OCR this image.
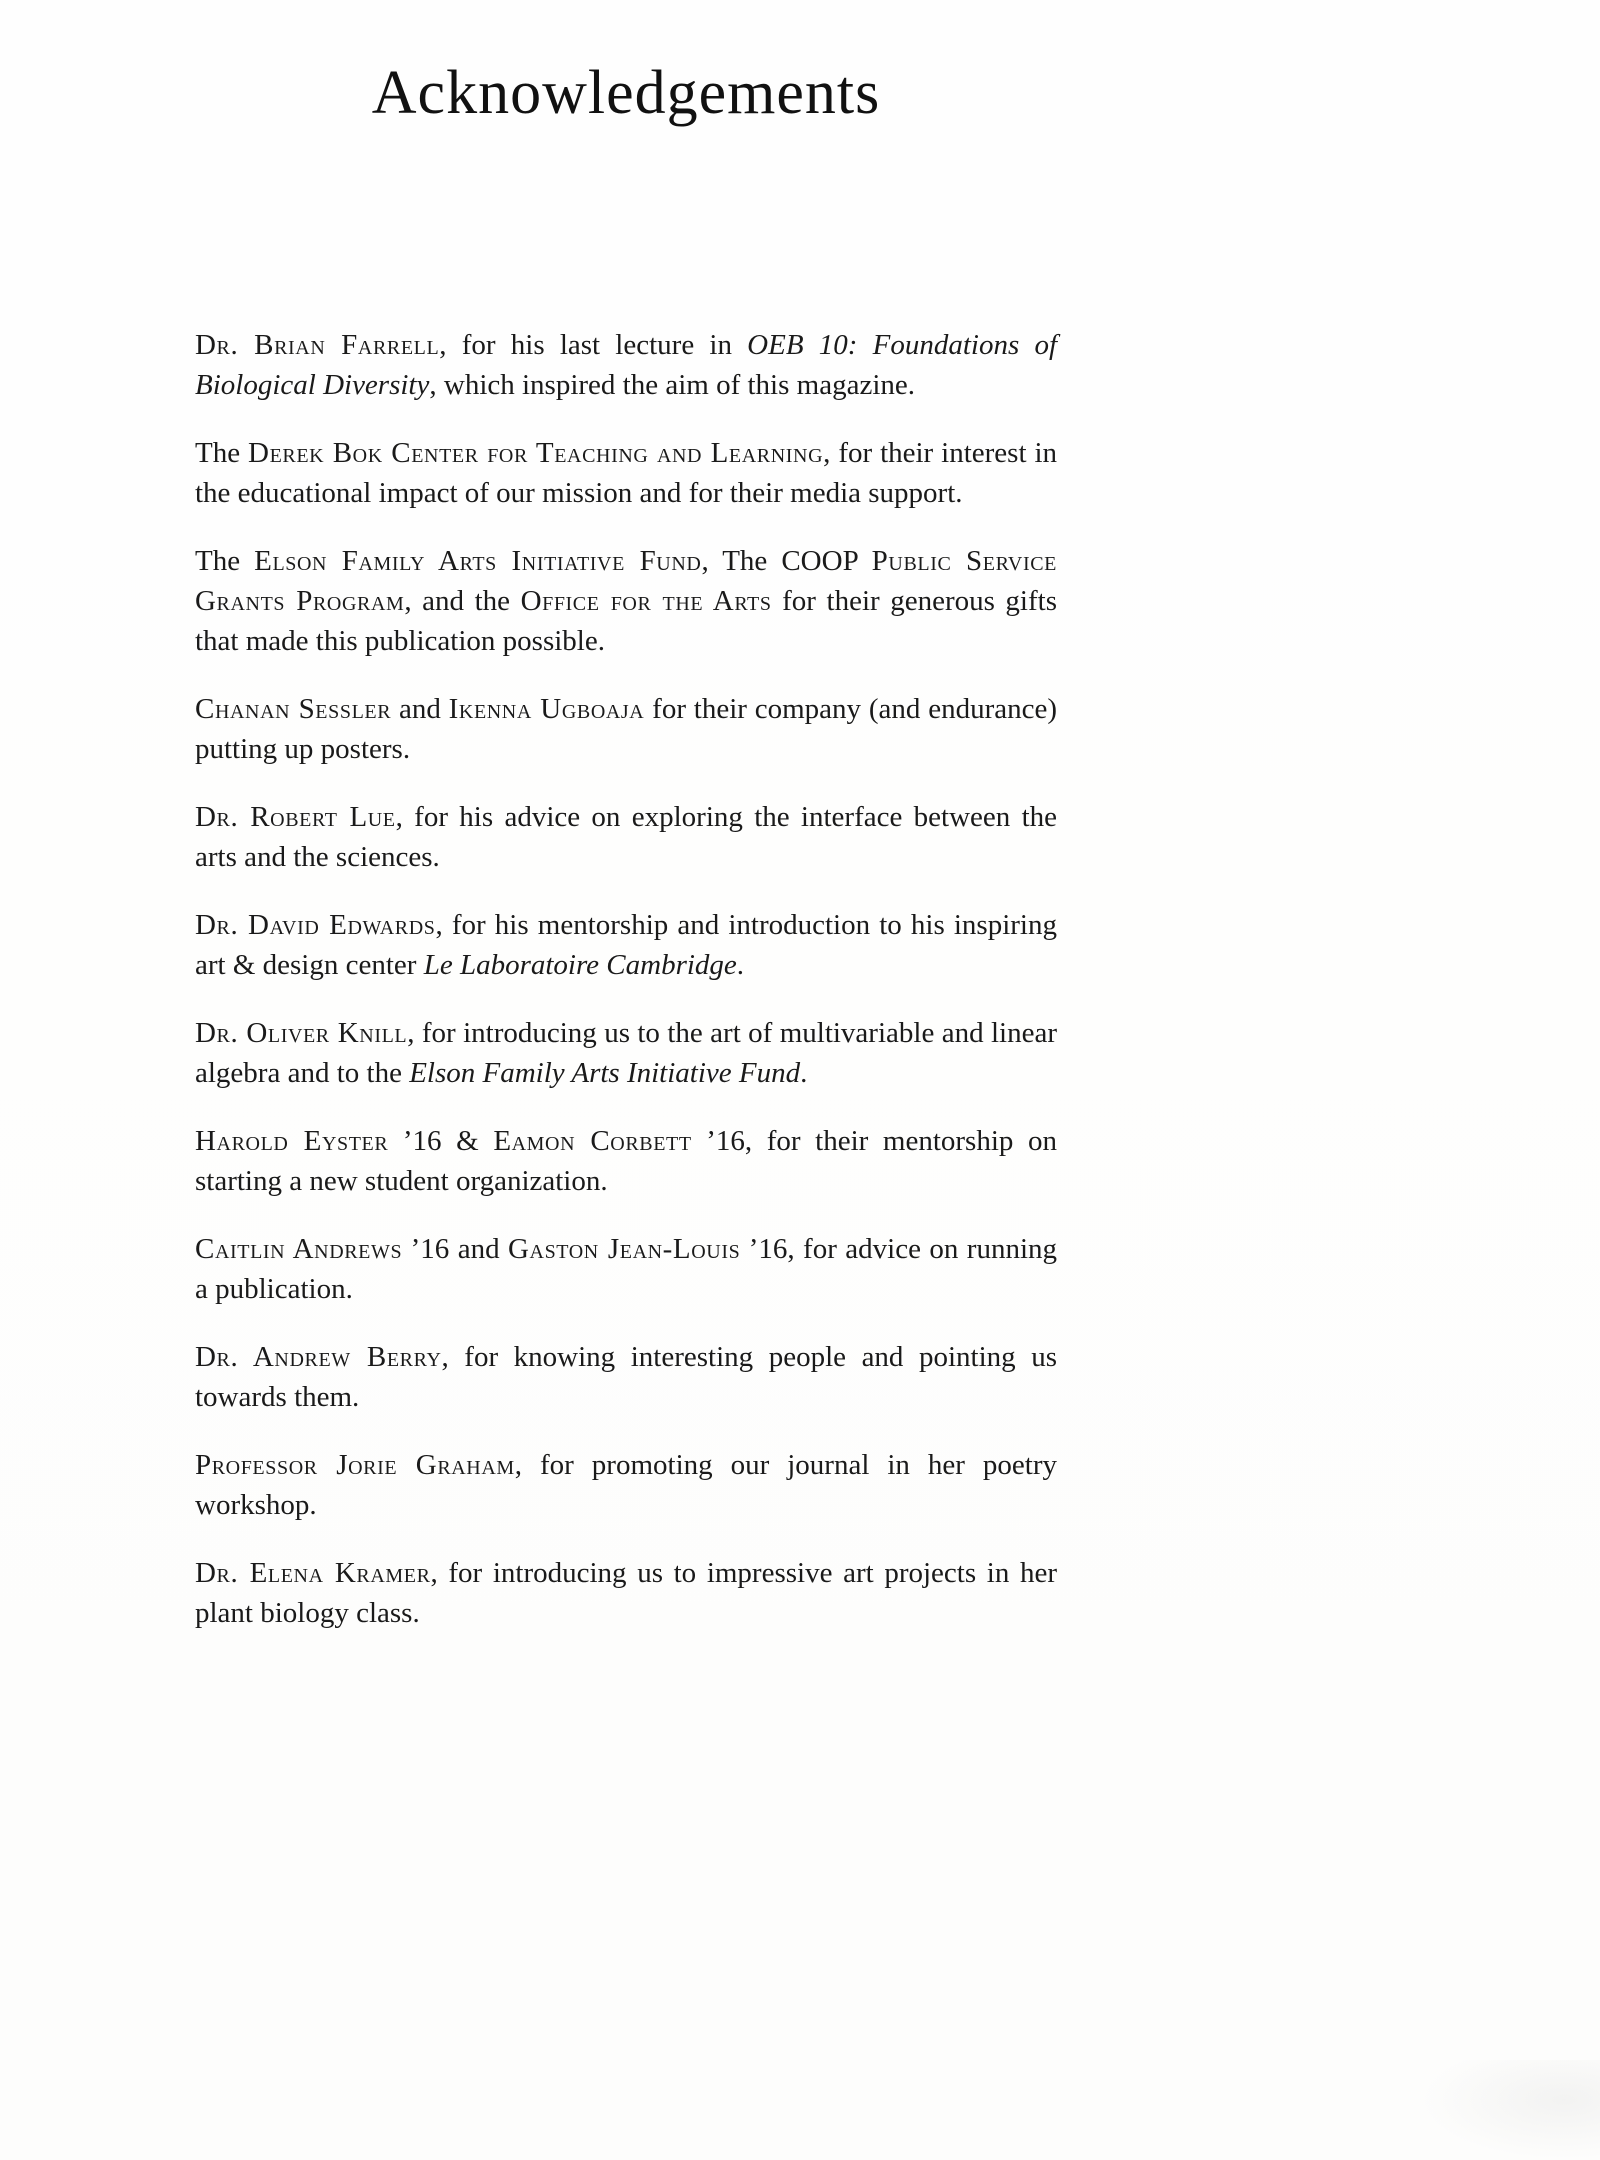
Acknowledgements

Dr. Brian Farrell, for his last lecture in OEB 10: Foundations of Biological Diversity, which inspired the aim of this magazine.

The Derek Bok Center for Teaching and Learning, for their interest in the educational impact of our mission and for their media support.

The Elson Family Arts Initiative Fund, The COOP Public Service Grants Program, and the Office for the Arts for their generous gifts that made this publication possible.

Chanan Sessler and Ikenna Ugboaja for their company (and endurance) putting up posters.

Dr. Robert Lue, for his advice on exploring the interface between the arts and the sciences.

Dr. David Edwards, for his mentorship and introduction to his inspiring art & design center Le Laboratoire Cambridge.

Dr. Oliver Knill, for introducing us to the art of multivariable and linear algebra and to the Elson Family Arts Initiative Fund.

Harold Eyster ’16 & Eamon Corbett ’16, for their mentorship on starting a new student organization.

Caitlin Andrews ’16 and Gaston Jean-Louis ’16, for advice on running a publication.

Dr. Andrew Berry, for knowing interesting people and pointing us towards them.

Professor Jorie Graham, for promoting our journal in her poetry workshop.

Dr. Elena Kramer, for introducing us to impressive art projects in her plant biology class.
